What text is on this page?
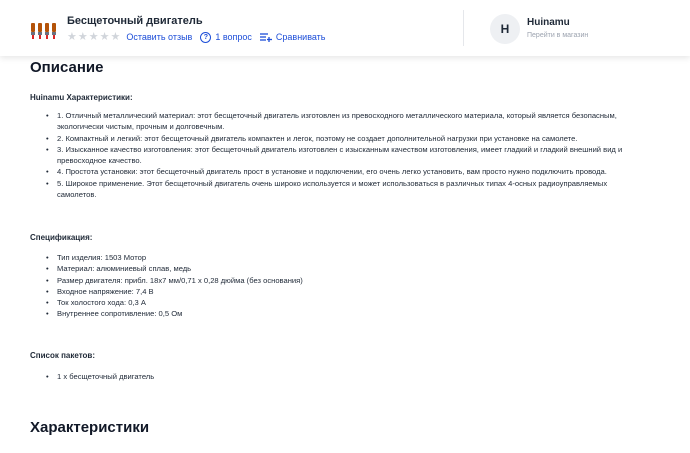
Бесщеточный двигатель
★ ★ ★ ★ ★ Оставить отзыв	? 1 вопрос	Сравнивать
H	Huinamu
Перейти в магазин
Описание
Huinamu Характеристики:
• 1. Отличный металлический материал: этот бесщеточный двигатель изготовлен из превосходного металлического материала, который является безопасным,
экологически чистым, прочным и долговечным.
• 2. Компактный и легкий: этот бесщеточный двигатель компактен и легок, поэтому не создает дополнительной нагрузки при установке на самолете.
• 3. Изысканное качество изготовления: этот бесщеточный двигатель изготовлен с изысканным качеством изготовления, имеет гладкий и гладкий внешний вид и
превосходное качество.
• 4. Простота установки: этот бесщеточный двигатель прост в установке и подключении, его очень легко установить, вам просто нужно подключить провода.
• 5. Широкое применение. Этот бесщеточный двигатель очень широко используется и может использоваться в различных типах 4-осных радиоуправляемых
самолетов.
Спецификация:
• Тип изделия: 1503 Мотор
• Материал: алюминиевый сплав, медь
• Размер двигателя: прибл. 18x7 мм/0,71 x 0,28 дюйма (без основания)
• Входное напряжение: 7,4 В
• Ток холостого хода: 0,3 А
• Внутреннее сопротивление: 0,5 Ом
Список пакетов:
• 1 x бесщеточный двигатель
Характеристики
